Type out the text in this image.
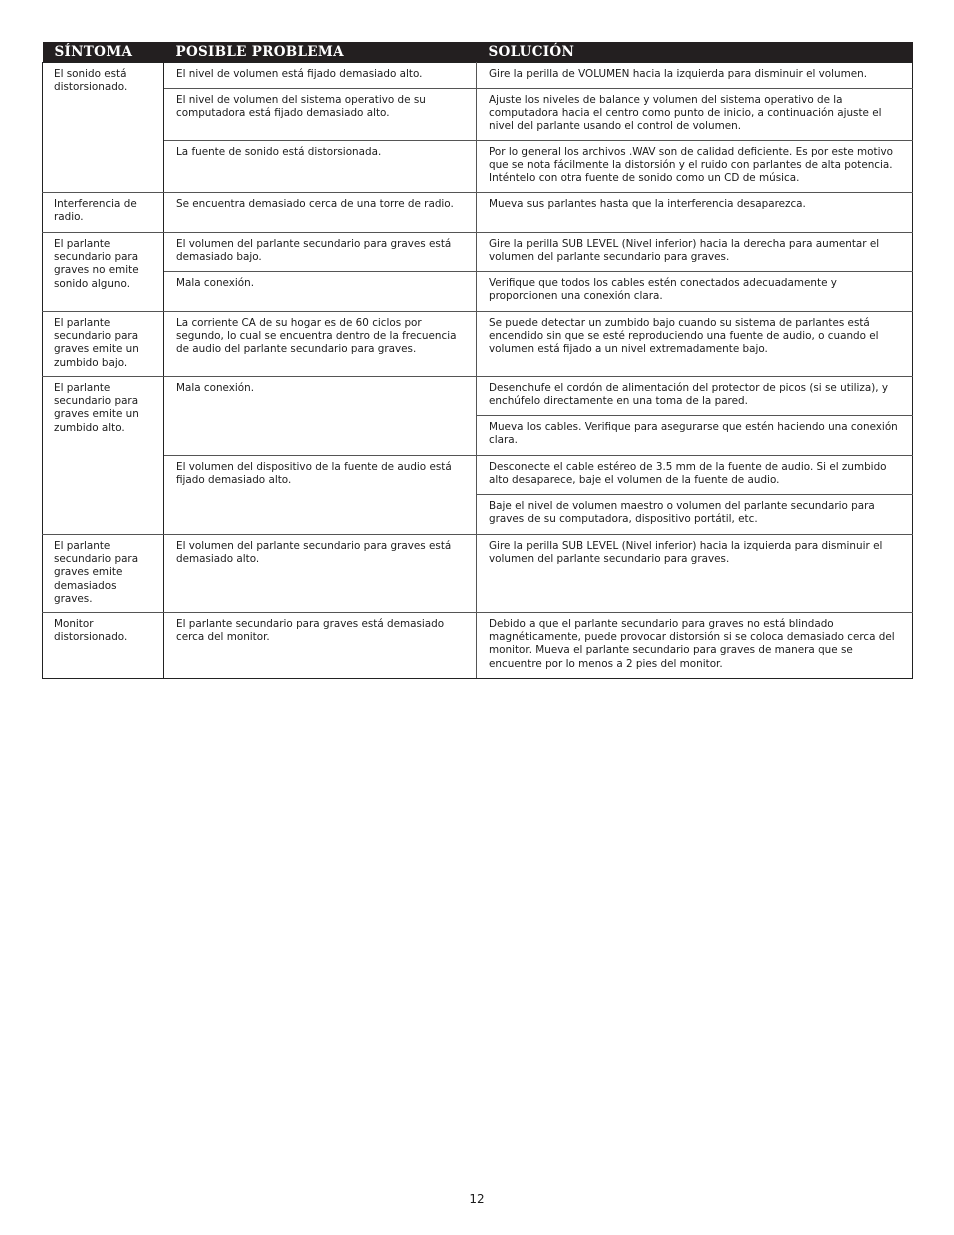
SÍNTOMA	POSIBLE PROBLEMA	SOLUCIÓN
El sonido está distorsionado.	El nivel de volumen está fijado demasiado alto.	Gire la perilla de VOLUMEN hacia la izquierda para disminuir el volumen.
	El nivel de volumen del sistema operativo de su computadora está fijado demasiado alto.	Ajuste los niveles de balance y volumen del sistema operativo de la computadora hacia el centro como punto de inicio, a continuación ajuste el nivel del parlante usando el control de volumen.
	La fuente de sonido está distorsionada.	Por lo general los archivos .WAV son de calidad deficiente. Es por este motivo que se nota fácilmente la distorsión y el ruido con parlantes de alta potencia. Inténtelo con otra fuente de sonido como un CD de música.
Interferencia de radio.	Se encuentra demasiado cerca de una torre de radio.	Mueva sus parlantes hasta que la interferencia desaparezca.
El parlante secundario para graves no emite sonido alguno.	El volumen del parlante secundario para graves está demasiado bajo.	Gire la perilla SUB LEVEL (Nivel inferior) hacia la derecha para aumentar el volumen del parlante secundario para graves.
	Mala conexión.	Verifique que todos los cables estén conectados adecuadamente y proporcionen una conexión clara.
El parlante secundario para graves emite un zumbido bajo.	La corriente CA de su hogar es de 60 ciclos por segundo, lo cual se encuentra dentro de la frecuencia de audio del parlante secundario para graves.	Se puede detectar un zumbido bajo cuando su sistema de parlantes está encendido sin que se esté reproduciendo una fuente de audio, o cuando el volumen está fijado a un nivel extremadamente bajo.
El parlante secundario para graves emite un zumbido alto.	Mala conexión.	Desenchufe el cordón de alimentación del protector de picos (si se utiliza), y enchúfelo directamente en una toma de la pared.
		Mueva los cables. Verifique para asegurarse que estén haciendo una conexión clara.
	El volumen del dispositivo de la fuente de audio está fijado demasiado alto.	Desconecte el cable estéreo de 3.5 mm de la fuente de audio. Si el zumbido alto desaparece, baje el volumen de la fuente de audio.
		Baje el nivel de volumen maestro o volumen del parlante secundario para graves de su computadora, dispositivo portátil, etc.
El parlante secundario para graves emite demasiados graves.	El volumen del parlante secundario para graves está demasiado alto.	Gire la perilla SUB LEVEL (Nivel inferior) hacia la izquierda para disminuir el volumen del parlante secundario para graves.
Monitor distorsionado.	El parlante secundario para graves está demasiado cerca del monitor.	Debido a que el parlante secundario para graves no está blindado magnéticamente, puede provocar distorsión si se coloca demasiado cerca del monitor. Mueva el parlante secundario para graves de manera que se encuentre por lo menos a 2 pies del monitor.
12
